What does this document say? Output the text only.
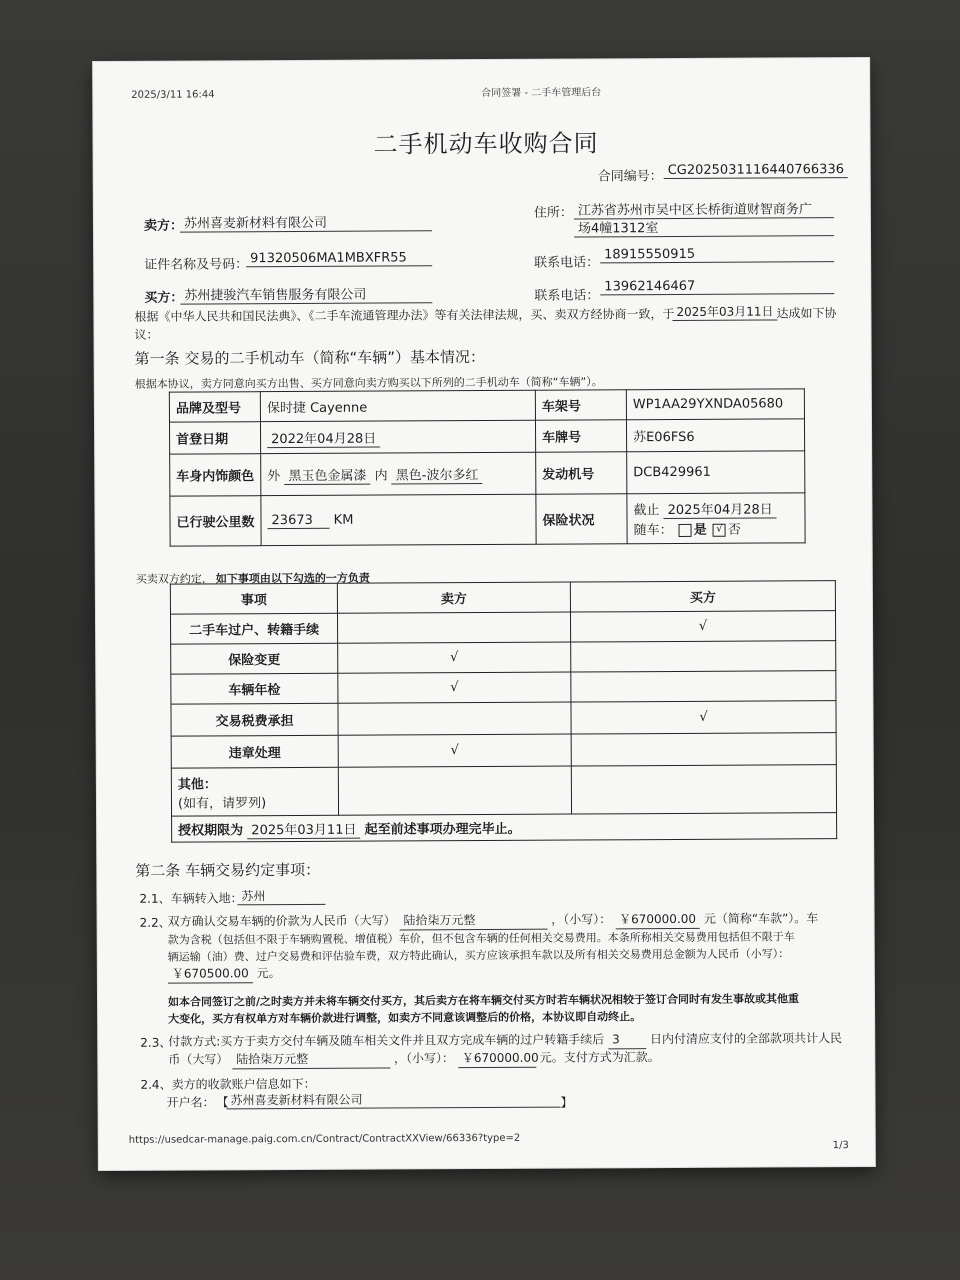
2025/3/11 16:44	合同签署 - 二手车管理后台
二手机动车收购合同
合同编号： CG2025031116440766336
卖方： 苏州喜麦新材料有限公司
住所： 江苏省苏州市吴中区长桥街道财智商务广
场4幢1312室
证件名称及号码： 91320506MA1MBXFR55	联系电话：
18915550915
买方： 苏州捷骏汽车销售服务有限公司	联系电话：
13962146467
根据《中华人民共和国民法典》、《二手车流通管理办法》等有关法律法规，买、卖双方经协商一致，于 2025年03月11日 达成如下协
议：
第一条 交易的二手机动车（简称“车辆”）基本情况：
根据本协议，卖方同意向买方出售、买方同意向卖方购买以下所列的二手机动车（简称“车辆”）。
品牌及型号	保时捷 Cayenne	车架号	WP1AA29YXNDA05680
首登日期	2022年04月28日	车牌号	苏E06FS6
车身内饰颜色	外 黑玉色金属漆 内 黑色-波尔多红	发动机号	DCB429961
已行驶公里数	23673 KM	保险状况	截止 2025年04月28日
随车： 是 √ 否
买卖双方约定， 如下事项由以下勾选的一方负责
事项	卖方	买方
二手车过户、转籍手续		√
保险变更	√	
车辆年检	√	
交易税费承担		√
违章处理	√	

其他：
(如有，请罗列)		

授权期限为 2025年03月11日 起至前述事项办理完毕止。		
第二条 车辆交易约定事项：
2.1、车辆转入地：
苏州
2.2、
双方确认交易车辆的价款为人民币（大写） 陆拾柒万元整	，（小写）： ￥670000.00 元（简称“车款”）。车
款为含税（包括但不限于车辆购置税、增值税）车价，但不包含车辆的任何相关交易费用。本条所称相关交易费用包括但不限于车
辆运输（油）费、过户交易费和评估验车费，双方特此确认，买方应该承担车款以及所有相关交易费用总金额为人民币（小写）：
￥670500.00 元。
如本合同签订之前/之时卖方并未将车辆交付买方，其后卖方在将车辆交付买方时若车辆状况相较于签订合同时有发生事故或其他重
大变化，买方有权单方对车辆价款进行调整，如卖方不同意该调整后的价格，本协议即自动终止。
2.3、
付款方式:买方于卖方交付车辆及随车相关文件并且双方完成车辆的过户转籍手续后 3	日内付清应支付的全部款项共计人民
币（大写） 陆拾柒万元整	，（小写）： ￥670000.00 元。支付方式为汇款。
2.4、卖方的收款账户信息如下：
开户名： 【 苏州喜麦新材料有限公司	】
https://usedcar-manage.paig.com.cn/Contract/ContractXXView/66336?type=2	1/3
